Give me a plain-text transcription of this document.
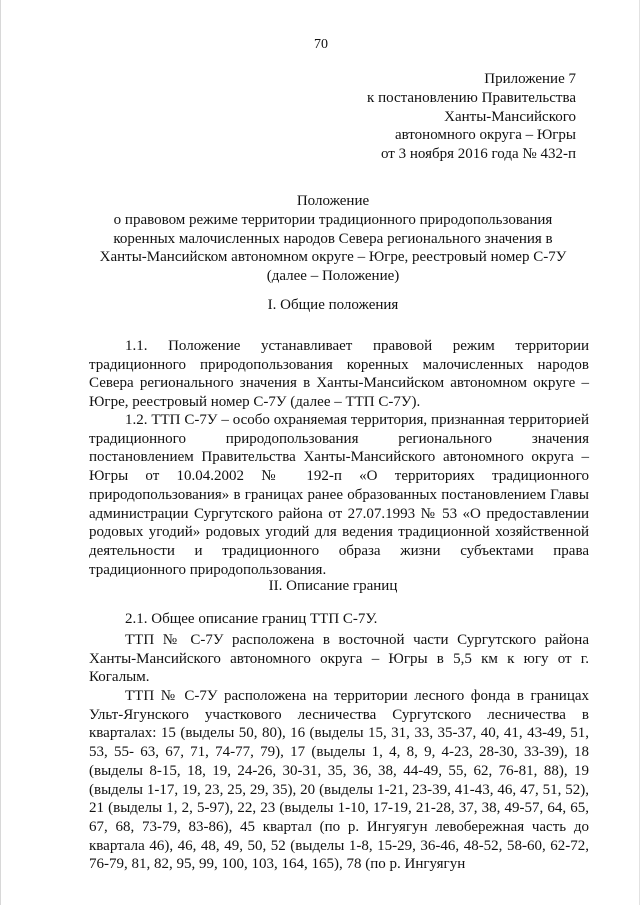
70
Приложение 7
к постановлению Правительства
Ханты-Мансийского
автономного округа – Югры
от 3 ноября 2016 года № 432-п
Положение
о правовом режиме территории традиционного природопользования
коренных малочисленных народов Севера регионального значения в
Ханты-Мансийском автономном округе – Югре, реестровый номер С-7У
(далее – Положение)
I. Общие положения

1.1. Положение устанавливает правовой режим территории традиционного природопользования коренных малочисленных народов Севера регионального значения в Ханты-Мансийском автономном округе – Югре, реестровый номер С-7У (далее – ТТП С-7У).

1.2. ТТП С-7У – особо охраняемая территория, признанная территорией традиционного природопользования регионального значения постановлением Правительства Ханты-Мансийского автономного округа – Югры от 10.04.2002 № 192-п «О территориях традиционного природопользования» в границах ранее образованных постановлением Главы администрации Сургутского района от 27.07.1993 № 53 «О предоставлении родовых угодий» родовых угодий для ведения традиционной хозяйственной деятельности и традиционного образа жизни субъектами права традиционного природопользования.

II. Описание границ

2.1. Общее описание границ ТТП С-7У.

ТТП № С-7У расположена в восточной части Сургутского района Ханты-Мансийского автономного округа – Югры в 5,5 км к югу от г. Когалым.

ТТП № С-7У расположена на территории лесного фонда в границах Ульт-Ягунского участкового лесничества Сургутского лесничества в кварталах: 15 (выделы 50, 80), 16 (выделы 15, 31, 33, 35-37, 40, 41, 43-49, 51, 53, 55- 63, 67, 71, 74-77, 79), 17 (выделы 1, 4, 8, 9, 4-23, 28-30, 33-39), 18 (выделы 8-15, 18, 19, 24-26, 30-31, 35, 36, 38, 44-49, 55, 62, 76-81, 88), 19 (выделы 1-17, 19, 23, 25, 29, 35), 20 (выделы 1-21, 23-39, 41-43, 46, 47, 51, 52), 21 (выделы 1, 2, 5-97), 22, 23 (выделы 1-10, 17-19, 21-28, 37, 38, 49-57, 64, 65, 67, 68, 73-79, 83-86), 45 квартал (по р. Ингуягун левобережная часть до квартала 46), 46, 48, 49, 50, 52 (выделы 1-8, 15-29, 36-46, 48-52, 58-60, 62-72, 76-79, 81, 82, 95, 99, 100, 103, 164, 165), 78 (по р. Ингуягун
